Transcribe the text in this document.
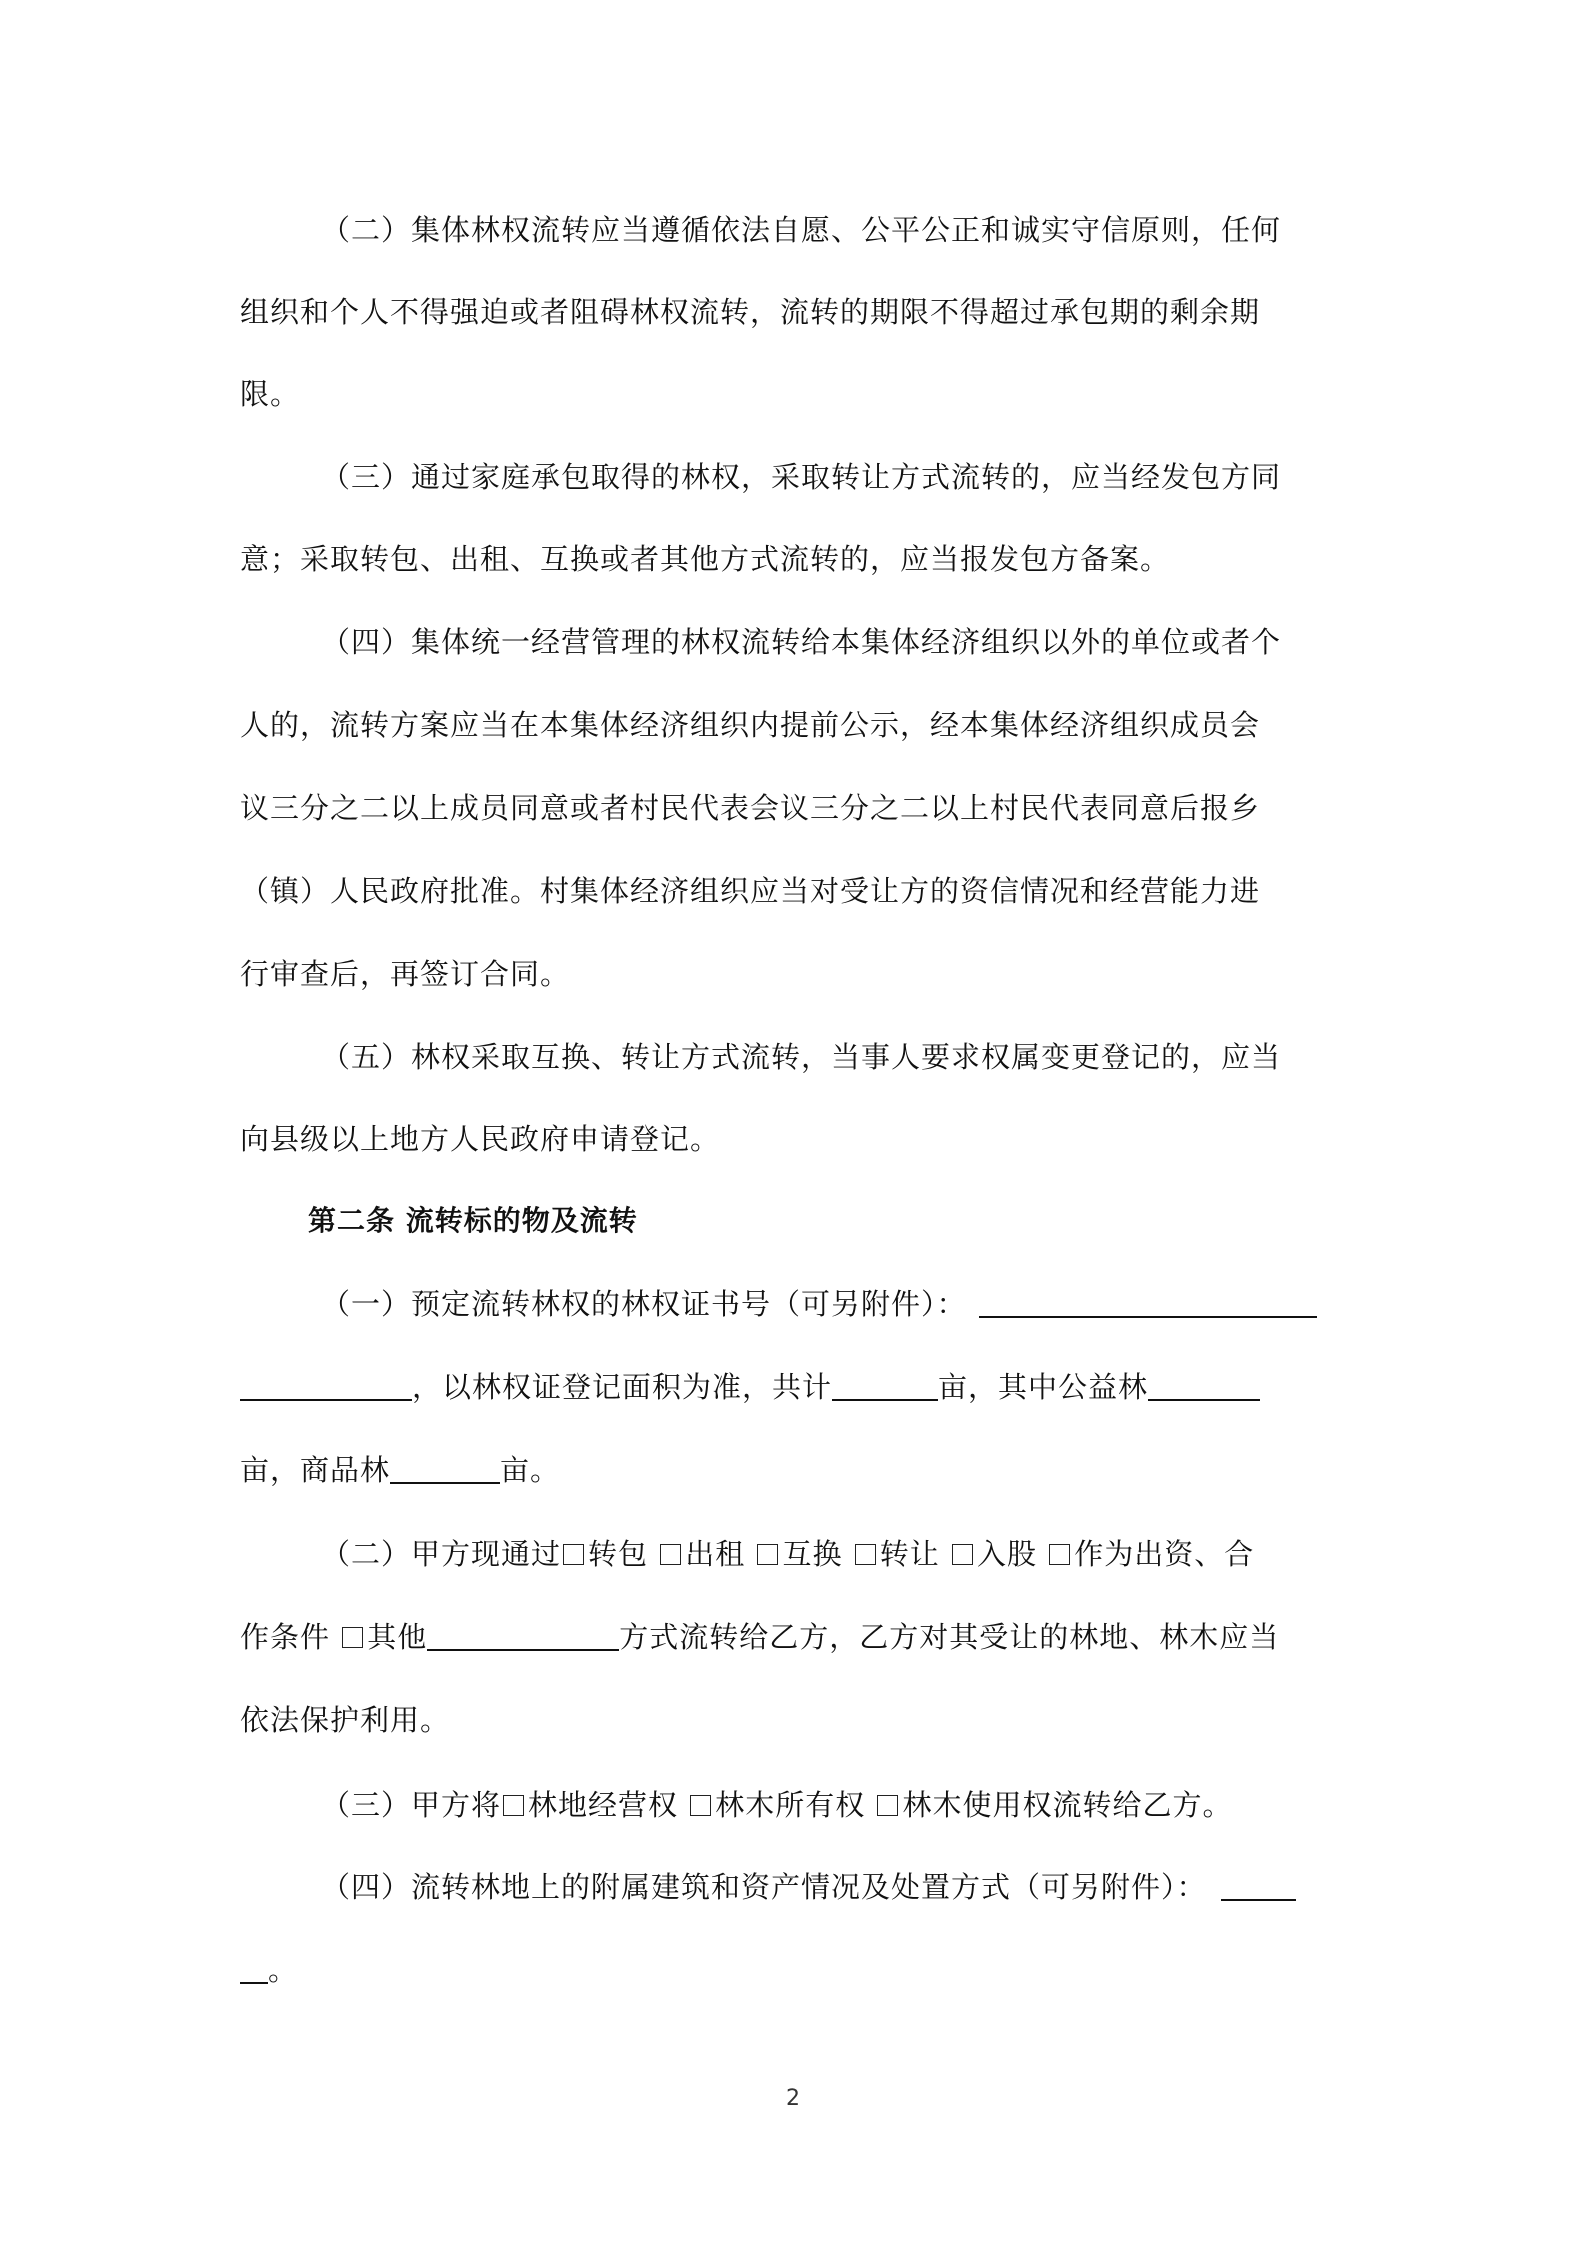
（二）集体林权流转应当遵循依法自愿、公平公正和诚实守信原则，任何
组织和个人不得强迫或者阻碍林权流转，流转的期限不得超过承包期的剩余期
限。
（三）通过家庭承包取得的林权，采取转让方式流转的，应当经发包方同
意；采取转包、出租、互换或者其他方式流转的，应当报发包方备案。
（四）集体统一经营管理的林权流转给本集体经济组织以外的单位或者个
人的，流转方案应当在本集体经济组织内提前公示，经本集体经济组织成员会
议三分之二以上成员同意或者村民代表会议三分之二以上村民代表同意后报乡
（镇）人民政府批准。村集体经济组织应当对受让方的资信情况和经营能力进
行审查后，再签订合同。
（五）林权采取互换、转让方式流转，当事人要求权属变更登记的，应当
向县级以上地方人民政府申请登记。
第二条 流转标的物及流转
（一）预定流转林权的林权证书号（可另附件）：
，以林权证登记面积为准，共计	亩，其中公益林
亩，商品林	亩。
（二）甲方现通过 转包 出租 互换 转让 入股 作为出资、合
作条件 其他	方式流转给乙方，乙方对其受让的林地、林木应当
依法保护利用。
（三）甲方将 林地经营权 林木所有权 林木使用权流转给乙方。
（四）流转林地上的附属建筑和资产情况及处置方式（可另附件）：
。
2
